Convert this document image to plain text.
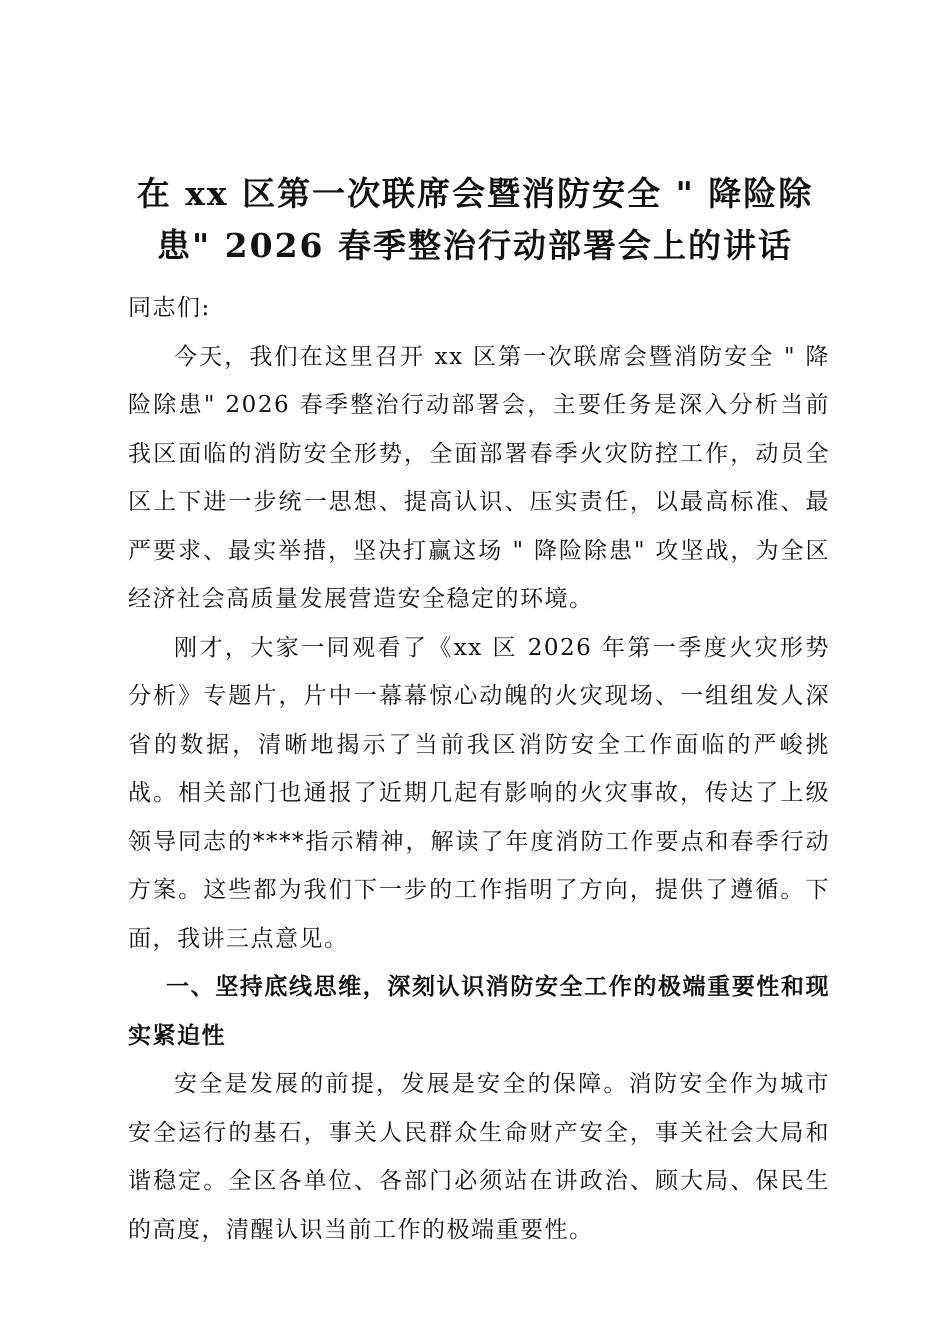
在 xx 区第一次联席会暨消防安全 " 降险除
患" 2026 春季整治行动部署会上的讲话

同志们:

今天，我们在这里召开 xx 区第一次联席会暨消防安全 " 降险除患" 2026 春季整治行动部署会，主要任务是深入分析当前我区面临的消防安全形势，全面部署春季火灾防控工作，动员全区上下进一步统一思想、提高认识、压实责任，以最高标准、最严要求、最实举措，坚决打赢这场 " 降险除患" 攻坚战，为全区经济社会高质量发展营造安全稳定的环境。

刚才，大家一同观看了《xx 区 2026 年第一季度火灾形势分析》专题片，片中一幕幕惊心动魄的火灾现场、一组组发人深省的数据，清晰地揭示了当前我区消防安全工作面临的严峻挑战。相关部门也通报了近期几起有影响的火灾事故，传达了上级领导同志的****指示精神，解读了年度消防工作要点和春季行动方案。这些都为我们下一步的工作指明了方向，提供了遵循。下面，我讲三点意见。

一、坚持底线思维，深刻认识消防安全工作的极端重要性和现实紧迫性

安全是发展的前提，发展是安全的保障。消防安全作为城市安全运行的基石，事关人民群众生命财产安全，事关社会大局和谐稳定。全区各单位、各部门必须站在讲政治、顾大局、保民生的高度，清醒认识当前工作的极端重要性。
